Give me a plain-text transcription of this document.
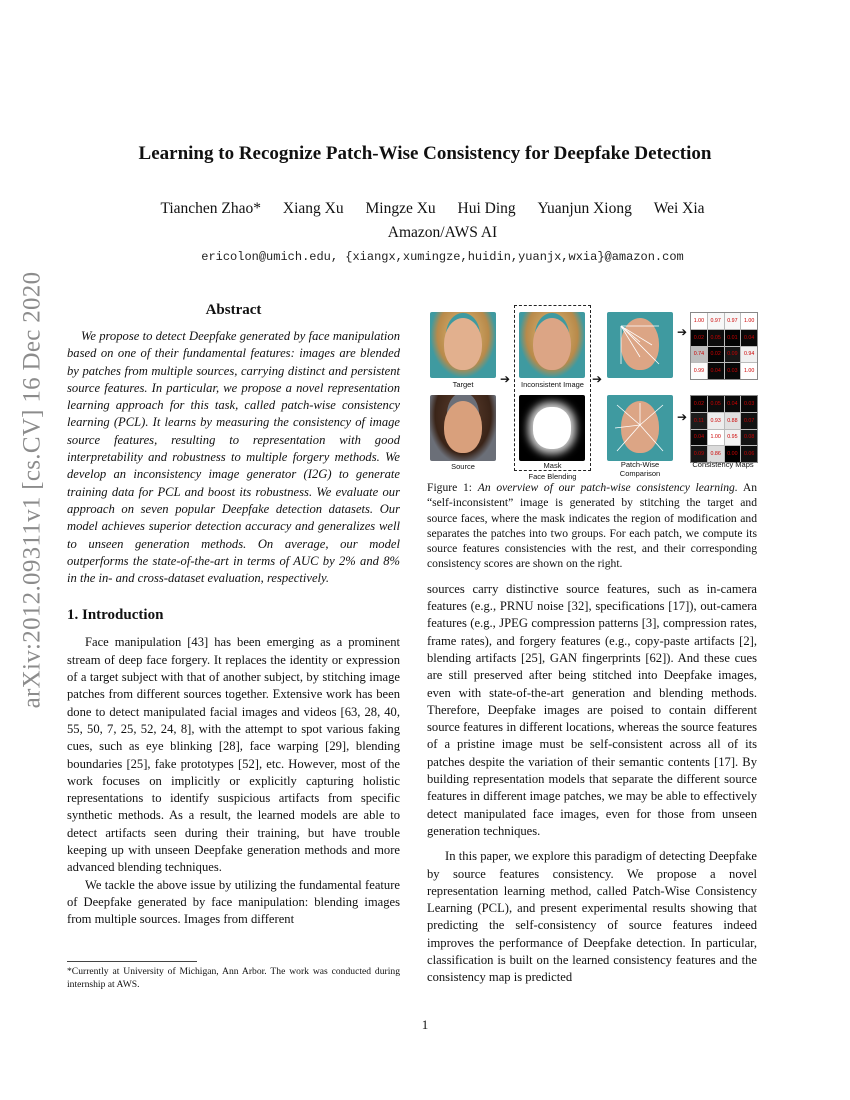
arXiv:2012.09311v1 [cs.CV] 16 Dec 2020
Learning to Recognize Patch-Wise Consistency for Deepfake Detection
Tianchen Zhao* Xiang Xu Mingze Xu Hui Ding Yuanjun Xiong Wei Xia
Amazon/AWS AI
ericolon@umich.edu, {xiangx,xumingze,huidin,yuanjx,wxia}@amazon.com
Abstract

We propose to detect Deepfake generated by face manipulation based on one of their fundamental features: images are blended by patches from multiple sources, carrying distinct and persistent source features. In particular, we propose a novel representation learning approach for this task, called patch-wise consistency learning (PCL). It learns by measuring the consistency of image source features, resulting to representation with good interpretability and robustness to multiple forgery methods. We develop an inconsistency image generator (I2G) to generate training data for PCL and boost its robustness. We evaluate our approach on seven popular Deepfake detection datasets. Our model achieves superior detection accuracy and generalizes well to unseen generation methods. On average, our model outperforms the state-of-the-art in terms of AUC by 2% and 8% in the in- and cross-dataset evaluation, respectively.

1. Introduction

Face manipulation [43] has been emerging as a prominent stream of deep face forgery. It replaces the identity or expression of a target subject with that of another subject, by stitching image patches from different sources together. Extensive work has been done to detect manipulated facial images and videos [63, 28, 40, 55, 50, 7, 25, 52, 24, 8], with the attempt to spot various faking cues, such as eye blinking [28], face warping [29], blending boundaries [25], fake prototypes [52], etc. However, most of the work focuses on implicitly or explicitly capturing holistic representations to identify suspicious artifacts from specific synthetic methods. As a result, the learned models are able to detect artifacts seen during their training, but have trouble keeping up with unseen Deepfake generation methods and more advanced blending techniques.

We tackle the above issue by utilizing the fundamental feature of Deepfake generated by face manipulation: blending images from multiple sources. Images from different

*Currently at University of Michigan, Ann Arbor. The work was conducted during internship at AWS.
Target
Source
Inconsistent Image
Mask
Face Blending
➔	➔
Patch-Wise Comparison
➔
➔
1.00	0.97	0.97	1.00
0.02	0.05	0.01	0.04
0.74	0.02	0.09	0.94
0.99	0.04	0.03	1.00
0.02	0.05	0.04	0.03
0.11	0.93	0.88	0.07
0.04	1.00	0.95	0.08
0.09	0.86	0.00	0.06
Consistency Maps

Figure 1: An overview of our patch-wise consistency learning. An “self-inconsistent” image is generated by stitching the target and source faces, where the mask indicates the region of modification and separates the patches into two groups. For each patch, we compute its source features consistencies with the rest, and their corresponding consistency scores are shown on the right.

sources carry distinctive source features, such as in-camera features (e.g., PRNU noise [32], specifications [17]), out-camera features (e.g., JPEG compression patterns [3], compression rates, frame rates), and forgery features (e.g., copy-paste artifacts [2], blending artifacts [25], GAN fingerprints [62]). And these cues are still preserved after being stitched into Deepfake images, even with state-of-the-art generation and blending methods. Therefore, Deepfake images are poised to contain different source features in different locations, whereas the source features of a pristine image must be self-consistent across all of its patches despite the variation of their semantic contents [17]. By building representation models that separate the different source features in different image patches, we may be able to effectively detect manipulated face images, even for those from unseen generation techniques.

In this paper, we explore this paradigm of detecting Deepfake by source features consistency. We propose a novel representation learning method, called Patch-Wise Consistency Learning (PCL), and present experimental results showing that predicting the self-consistency of source features indeed improves the performance of Deepfake detection. In particular, classification is built on the learned consistency features and the consistency map is predicted

1
